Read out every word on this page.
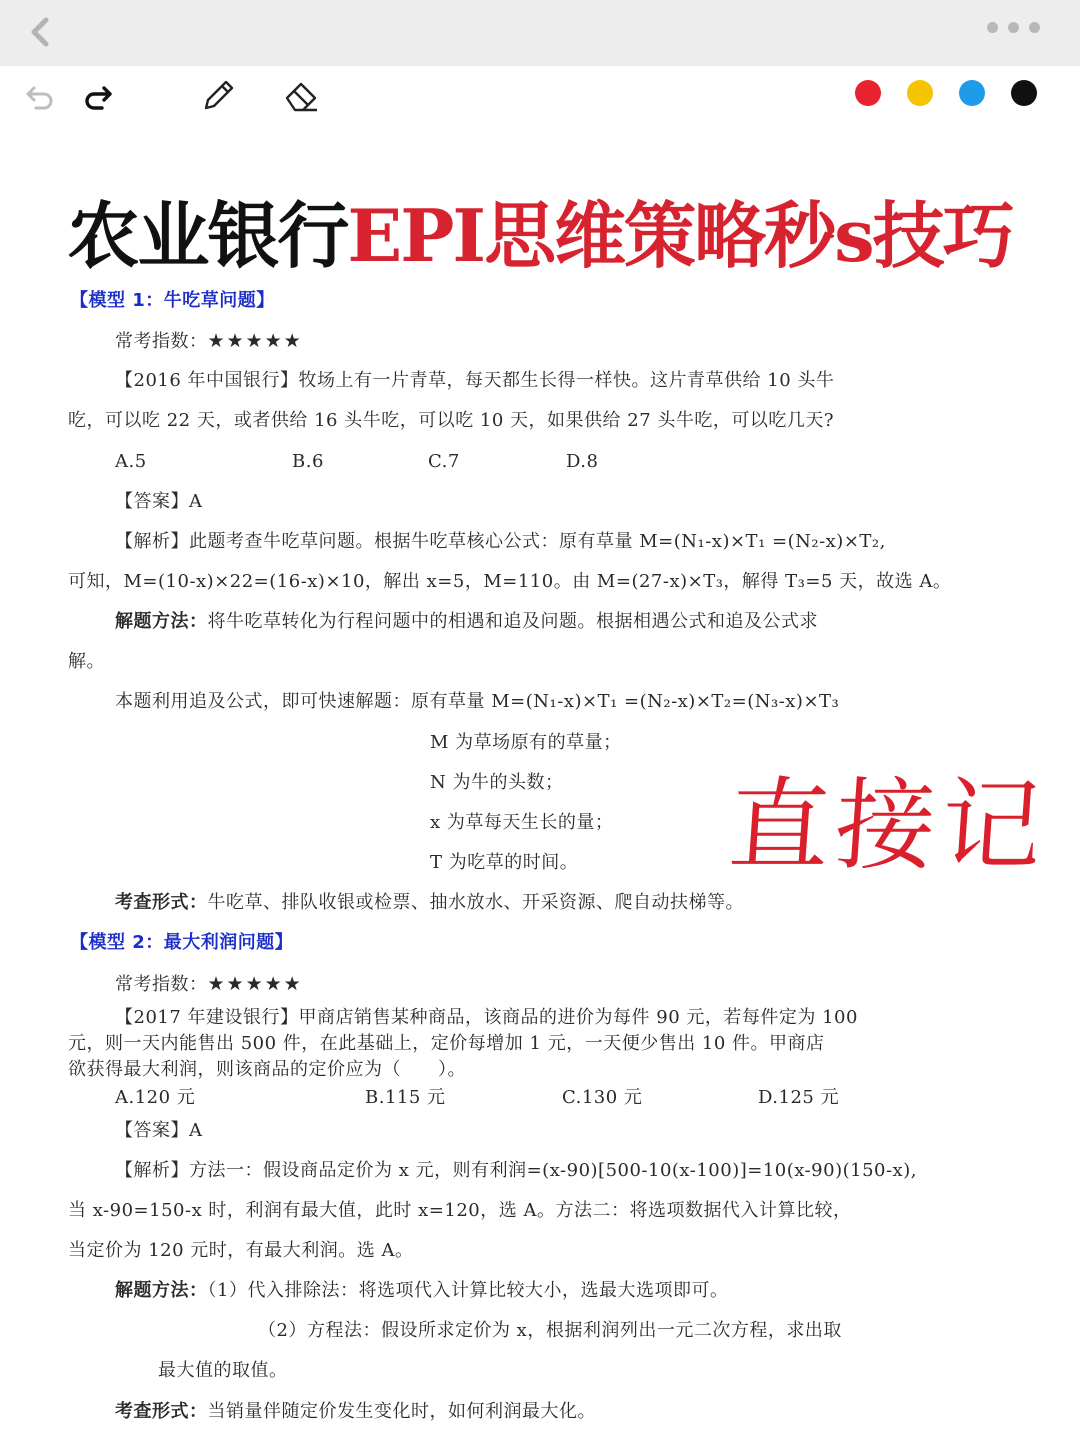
农业银行EPI思维策略秒s技巧
【模型 1：牛吃草问题】
常考指数：★★★★★
【2016 年中国银行】牧场上有一片青草，每天都生长得一样快。这片青草供给 10 头牛
吃，可以吃 22 天，或者供给 16 头牛吃，可以吃 10 天，如果供给 27 头牛吃，可以吃几天?
A.5	B.6	C.7	D.8
【答案】A
【解析】此题考查牛吃草问题。根据牛吃草核心公式：原有草量 M=(N₁-x)×T₁ =(N₂-x)×T₂,
可知，M=(10-x)×22=(16-x)×10，解出 x=5，M=110。由 M=(27-x)×T₃，解得 T₃=5 天，故选 A。
解题方法：将牛吃草转化为行程问题中的相遇和追及问题。根据相遇公式和追及公式求
解。
本题利用追及公式，即可快速解题：原有草量 M=(N₁-x)×T₁ =(N₂-x)×T₂=(N₃-x)×T₃
M 为草场原有的草量；
N 为牛的头数；
x 为草每天生长的量；
T 为吃草的时间。
考查形式：牛吃草、排队收银或检票、抽水放水、开采资源、爬自动扶梯等。
直接记
【模型 2：最大利润问题】
常考指数：★★★★★
【2017 年建设银行】甲商店销售某种商品，该商品的进价为每件 90 元，若每件定为 100
元，则一天内能售出 500 件，在此基础上，定价每增加 1 元，一天便少售出 10 件。甲商店
欲获得最大利润，则该商品的定价应为（　　）。
A.120 元	B.115 元	C.130 元	D.125 元
【答案】A
【解析】方法一：假设商品定价为 x 元，则有利润=(x-90)[500-10(x-100)]=10(x-90)(150-x),
当 x-90=150-x 时，利润有最大值，此时 x=120，选 A。方法二：将选项数据代入计算比较，
当定价为 120 元时，有最大利润。选 A。
解题方法：（1）代入排除法：将选项代入计算比较大小，选最大选项即可。
（2）方程法：假设所求定价为 x，根据利润列出一元二次方程，求出取
最大值的取值。
考查形式：当销量伴随定价发生变化时，如何利润最大化。
